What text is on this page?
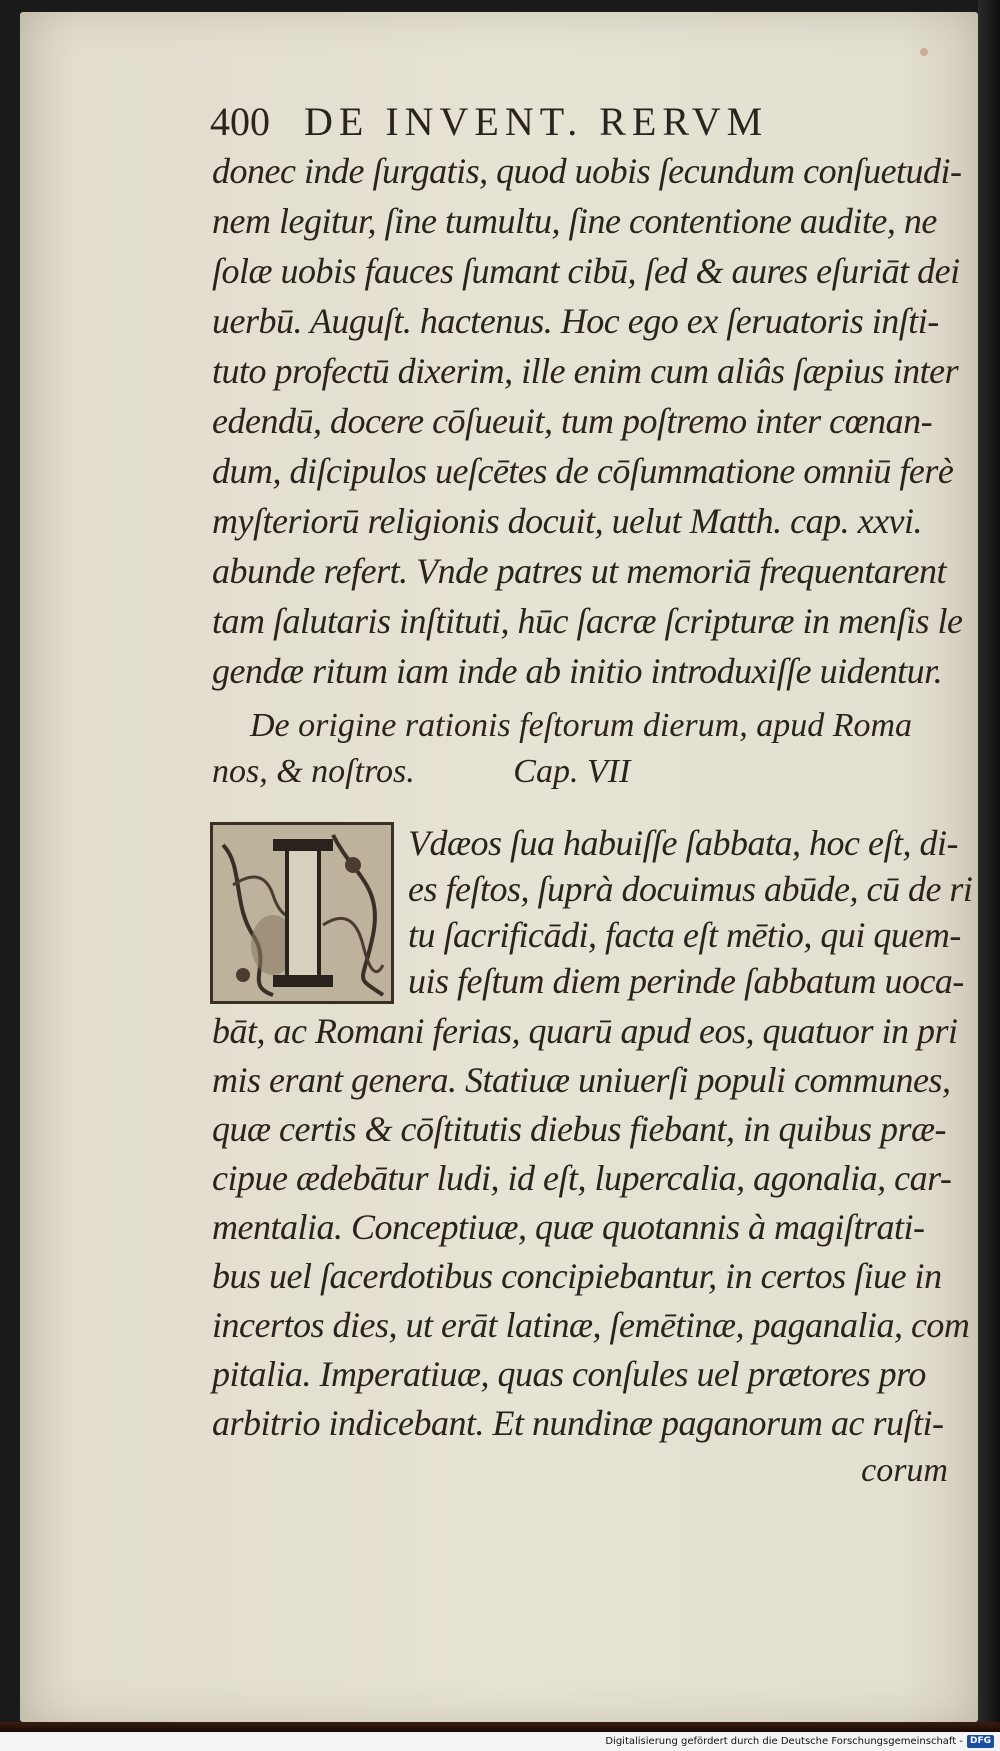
400 DE INVENT. RERVM
donec inde ſurgatis, quod uobis ſecundum conſuetudi-
nem legitur, ſine tumultu, ſine contentione audite, ne
ſolæ uobis fauces ſumant cibū, ſed & aures eſuriāt dei
uerbū. Auguſt. hactenus. Hoc ego ex ſeruatoris inſti-
tuto profectū dixerim, ille enim cum aliâs ſæpius inter
edendū, docere cōſueuit, tum poſtremo inter cœnan-
dum, diſcipulos ueſcētes de cōſummatione omniū ferè
myſteriorū religionis docuit, uelut Matth. cap. xxvi.
abunde refert. Vnde patres ut memoriā frequentarent
tam ſalutaris inſtituti, hūc ſacræ ſcripturæ in menſis le
gendæ ritum iam inde ab initio introduxiſſe uidentur.
De origine rationis feſtorum dierum, apud Roma
nos, & noſtros.	Cap. VII
Vdæos ſua habuiſſe ſabbata, hoc eſt, di-
es feſtos, ſuprà docuimus abūde, cū de ri
tu ſacrificādi, facta eſt mētio, qui quem-
uis feſtum diem perinde ſabbatum uoca-
bāt, ac Romani ferias, quarū apud eos, quatuor in pri
mis erant genera. Statiuæ uniuerſi populi communes,
quæ certis & cōſtitutis diebus fiebant, in quibus præ-
cipue ædebātur ludi, id eſt, lupercalia, agonalia, car-
mentalia. Conceptiuæ, quæ quotannis à magiſtrati-
bus uel ſacerdotibus concipiebantur, in certos ſiue in
incertos dies, ut erāt latinæ, ſemētinæ, paganalia, com
pitalia. Imperatiuæ, quas conſules uel prætores pro
arbitrio indicebant. Et nundinæ paganorum ac ruſti-
corum
Digitalisierung gefördert durch die Deutsche Forschungsgemeinschaft - DFG
